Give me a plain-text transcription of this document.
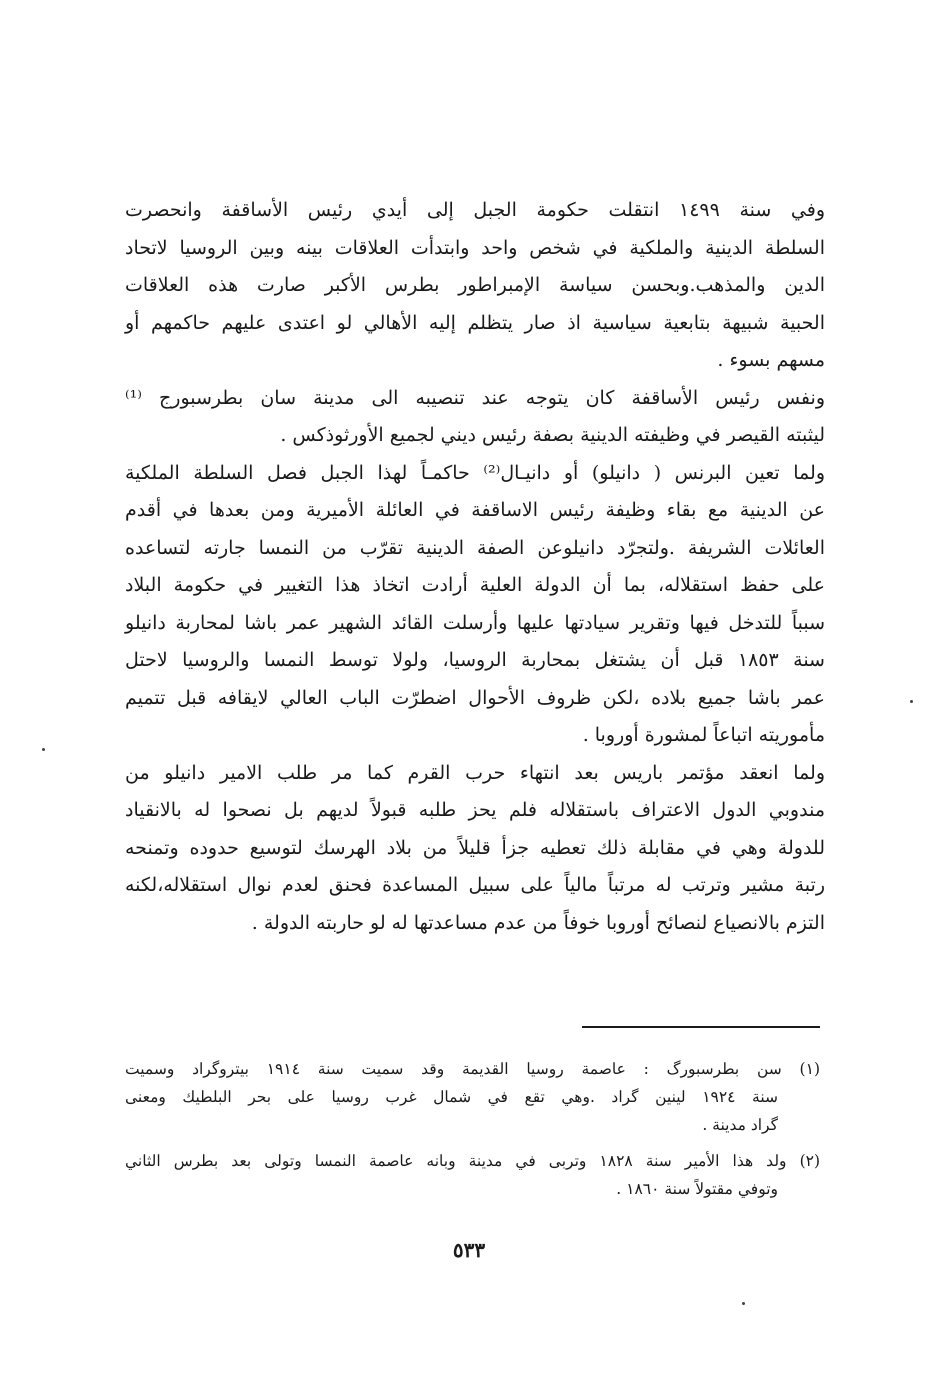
وفي سنة ١٤٩٩ انتقلت حكومة الجبل إلى أيدي رئيس الأساقفة وانحصرت
السلطة الدينية والملكية في شخص واحد وابتدأت العلاقات بينه وبين الروسيا لاتحاد
الدين والمذهب.وبحسن سياسة الإمبراطور بطرس الأكبر صارت هذه العلاقات
الحبية شبيهة بتابعية سياسية اذ صار يتظلم إليه الأهالي لو اعتدى عليهم حاكمهم أو
مسهم بسوء .
ونفس رئيس الأساقفة كان يتوجه عند تنصيبه الى مدينة سان بطرسبورج ⁽¹⁾
ليثبته القيصر في وظيفته الدينية بصفة رئيس ديني لجميع الأورثوذكس .
ولما تعين البرنس ( دانيلو) أو دانيـال⁽²⁾ حاكمـاً لهذا الجبل فصل السلطة الملكية
عن الدينية مع بقاء وظيفة رئيس الاساقفة في العائلة الأميرية ومن بعدها في أقدم
العائلات الشريفة .ولتجرّد دانيلوعن الصفة الدينية تقرّب من النمسا جارته لتساعده
على حفظ استقلاله، بما أن الدولة العلية أرادت اتخاذ هذا التغيير في حكومة البلاد
سبباً للتدخل فيها وتقرير سيادتها عليها وأرسلت القائد الشهير عمر باشا لمحاربة دانيلو
سنة ١٨٥٣ قبل أن يشتغل بمحاربة الروسيا، ولولا توسط النمسا والروسيا لاحتل
عمر باشا جميع بلاده ،لكن ظروف الأحوال اضطرّت الباب العالي لايقافه قبل تتميم
مأموريته اتباعاً لمشورة أوروبا .
ولما انعقد مؤتمر باريس بعد انتهاء حرب القرم كما مر طلب الامير دانيلو من
مندوبي الدول الاعتراف باستقلاله فلم يحز طلبه قبولاً لديهم بل نصحوا له بالانقياد
للدولة وهي في مقابلة ذلك تعطيه جزأ قليلاً من بلاد الهرسك لتوسيع حدوده وتمنحه
رتبة مشير وترتب له مرتباً مالياً على سبيل المساعدة فحنق لعدم نوال استقلاله،لكنه
التزم بالانصياع لنصائح أوروبا خوفاً من عدم مساعدتها له لو حاربته الدولة .
(١) سن بطرسبورگ : عاصمة روسيا القديمة وقد سميت سنة ١٩١٤ بيتروگراد وسميت
سنة ١٩٢٤ لينين گراد .وهي تقع في شمال غرب روسيا على بحر البلطيك ومعنى
گراد مدينة .
(٢) ولد هذا الأمير سنة ١٨٢٨ وتربى في مدينة وبانه عاصمة النمسا وتولى بعد بطرس الثاني
وتوفي مقتولاً سنة ١٨٦٠ .
٥٣٣
